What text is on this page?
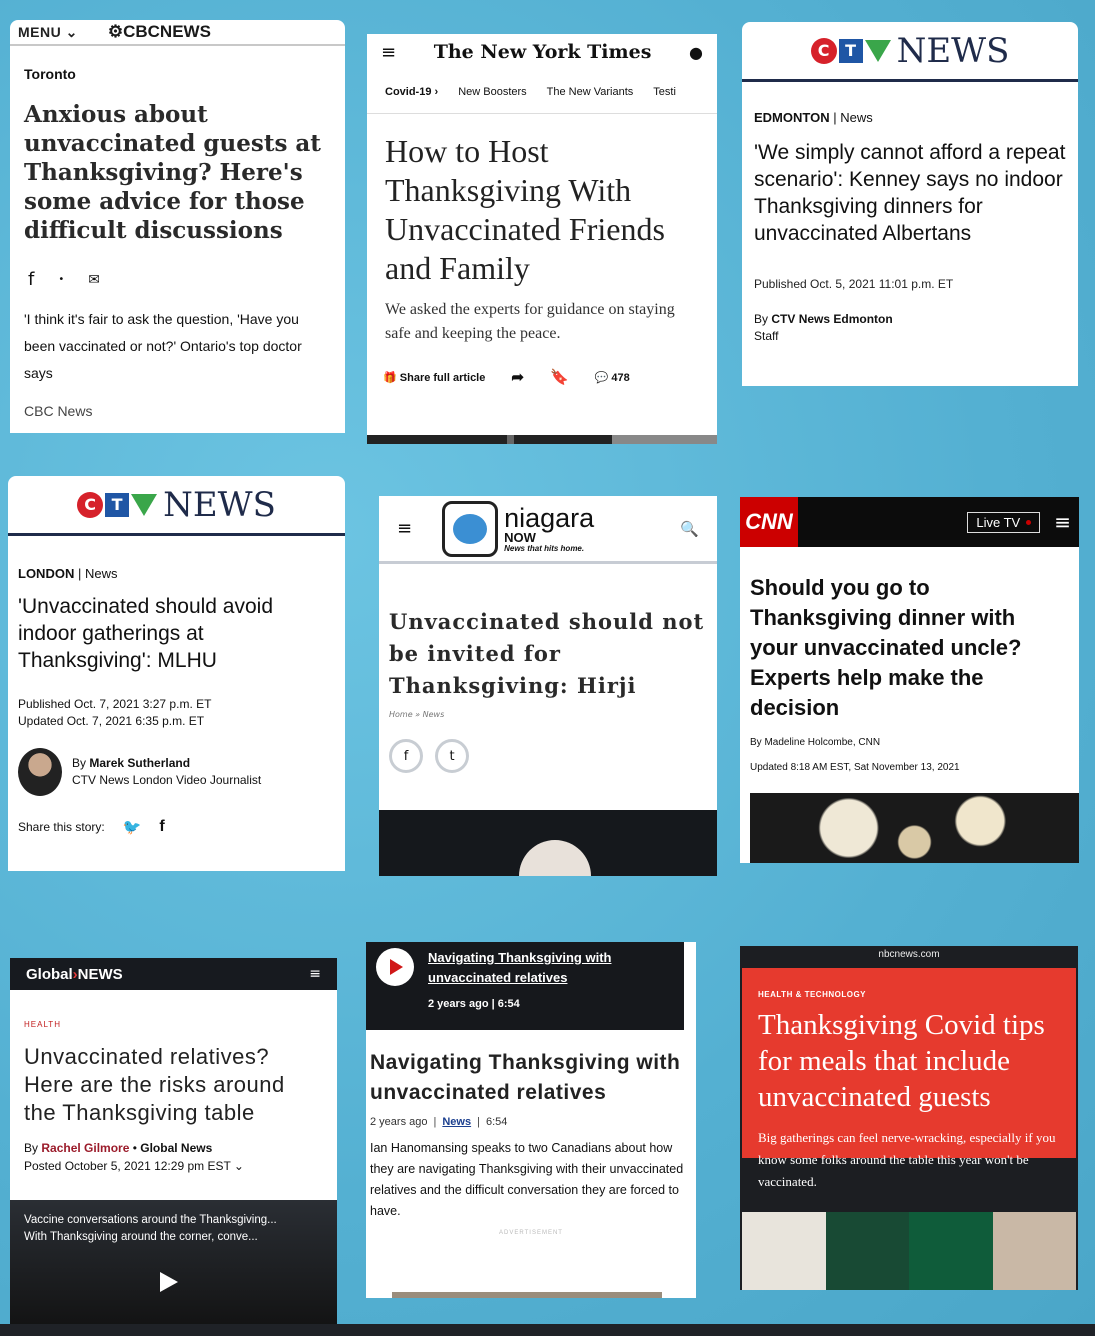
MENU ⌄ ⚙CBCNEWS
Toronto
Anxious about unvaccinated guests at Thanksgiving? Here's some advice for those difficult discussions
f • ✉

'I think it's fair to ask the question, 'Have you been vaccinated or not?' Ontario's top doctor says

CBC News
≡ The New York Times ●
Covid-19 › New Boosters The New Variants Testi
How to Host Thanksgiving With Unvaccinated Friends and Family

We asked the experts for guidance on staying safe and keeping the peace.

🎁 Share full article ➦ 🔖 💬 478
C T NEWS
EDMONTON | News
'We simply cannot afford a repeat scenario': Kenney says no indoor Thanksgiving dinners for unvaccinated Albertans
Published Oct. 5, 2021 11:01 p.m. ET
By CTV News Edmonton
Staff
C T NEWS
LONDON | News
'Unvaccinated should avoid indoor gatherings at Thanksgiving': MLHU
Published Oct. 7, 2021 3:27 p.m. ET
Updated Oct. 7, 2021 6:35 p.m. ET
By Marek Sutherland
CTV News London Video Journalist
Share this story: 🐦 f
≡	niagara
NOW
News that hits home.
🔍
Unvaccinated should not be invited for Thanksgiving: Hirji
Home » News
f	t
CNN	Live TV ≡
Should you go to Thanksgiving dinner with your unvaccinated uncle? Experts help make the decision
By Madeline Holcombe, CNN
Updated 8:18 AM EST, Sat November 13, 2021
Global›NEWS	≡
HEALTH
Unvaccinated relatives? Here are the risks around the Thanksgiving table
By Rachel Gilmore • Global News
Posted October 5, 2021 12:29 pm EST ⌄
Vaccine conversations around the Thanksgiving...
With Thanksgiving around the corner, conve...
Navigating Thanksgiving with unvaccinated relatives
2 years ago | 6:54
Navigating Thanksgiving with unvaccinated relatives
2 years ago | News | 6:54

Ian Hanomansing speaks to two Canadians about how they are navigating Thanksgiving with their unvaccinated relatives and the difficult conversation they are forced to have.

ADVERTISEMENT
nbcnews.com
HEALTH & TECHNOLOGY
Thanksgiving Covid tips for meals that include unvaccinated guests

Big gatherings can feel nerve-wracking, especially if you know some folks around the table this year won't be vaccinated.
